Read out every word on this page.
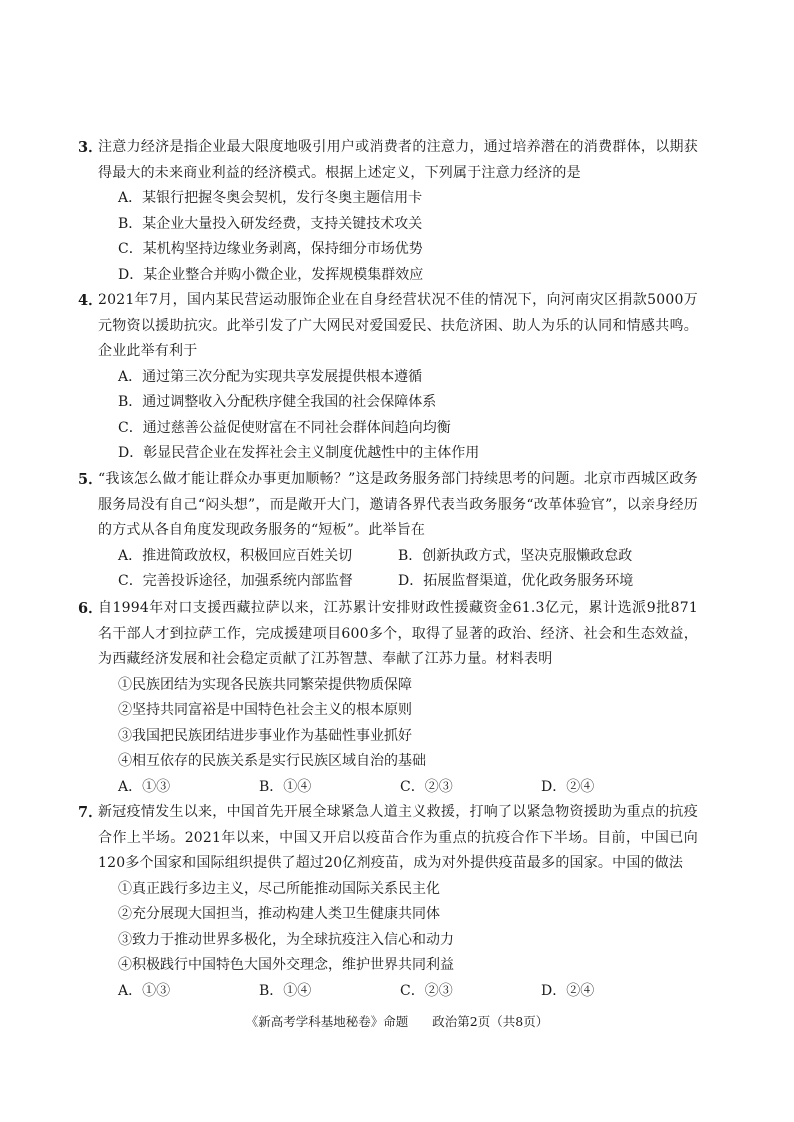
3．
注意力经济是指企业最大限度地吸引用户或消费者的注意力，通过培养潜在的消费群体，以期获得最大的未来商业利益的经济模式。根据上述定义，下列属于注意力经济的是
A．某银行把握冬奥会契机，发行冬奥主题信用卡
B．某企业大量投入研发经费，支持关键技术攻关
C．某机构坚持边缘业务剥离，保持细分市场优势
D．某企业整合并购小微企业，发挥规模集群效应
4．
2021年7月，国内某民营运动服饰企业在自身经营状况不佳的情况下，向河南灾区捐款5000万元物资以援助抗灾。此举引发了广大网民对爱国爱民、扶危济困、助人为乐的认同和情感共鸣。企业此举有利于
A．通过第三次分配为实现共享发展提供根本遵循
B．通过调整收入分配秩序健全我国的社会保障体系
C．通过慈善公益促使财富在不同社会群体间趋向均衡
D．彰显民营企业在发挥社会主义制度优越性中的主体作用
5．
“我该怎么做才能让群众办事更加顺畅？”这是政务服务部门持续思考的问题。北京市西城区政务服务局没有自己“闷头想”，而是敞开大门，邀请各界代表当政务服务“改革体验官”，以亲身经历的方式从各自角度发现政务服务的“短板”。此举旨在
A．推进简政放权，积极回应百姓关切	B．创新执政方式，坚决克服懒政怠政
C．完善投诉途径，加强系统内部监督	D．拓展监督渠道，优化政务服务环境
6．
自1994年对口支援西藏拉萨以来，江苏累计安排财政性援藏资金61.3亿元，累计选派9批871名干部人才到拉萨工作，完成援建项目600多个，取得了显著的政治、经济、社会和生态效益，为西藏经济发展和社会稳定贡献了江苏智慧、奉献了江苏力量。材料表明
①民族团结为实现各民族共同繁荣提供物质保障
②坚持共同富裕是中国特色社会主义的根本原则
③我国把民族团结进步事业作为基础性事业抓好
④相互依存的民族关系是实行民族区域自治的基础
A．①③	B．①④	C．②③	D．②④
7．
新冠疫情发生以来，中国首先开展全球紧急人道主义救援，打响了以紧急物资援助为重点的抗疫合作上半场。2021年以来，中国又开启以疫苗合作为重点的抗疫合作下半场。目前，中国已向120多个国家和国际组织提供了超过20亿剂疫苗，成为对外提供疫苗最多的国家。中国的做法
①真正践行多边主义，尽己所能推动国际关系民主化
②充分展现大国担当，推动构建人类卫生健康共同体
③致力于推动世界多极化，为全球抗疫注入信心和动力
④积极践行中国特色大国外交理念，维护世界共同利益
A．①③	B．①④	C．②③	D．②④
《新高考学科基地秘卷》命题 政治第2页（共8页）
